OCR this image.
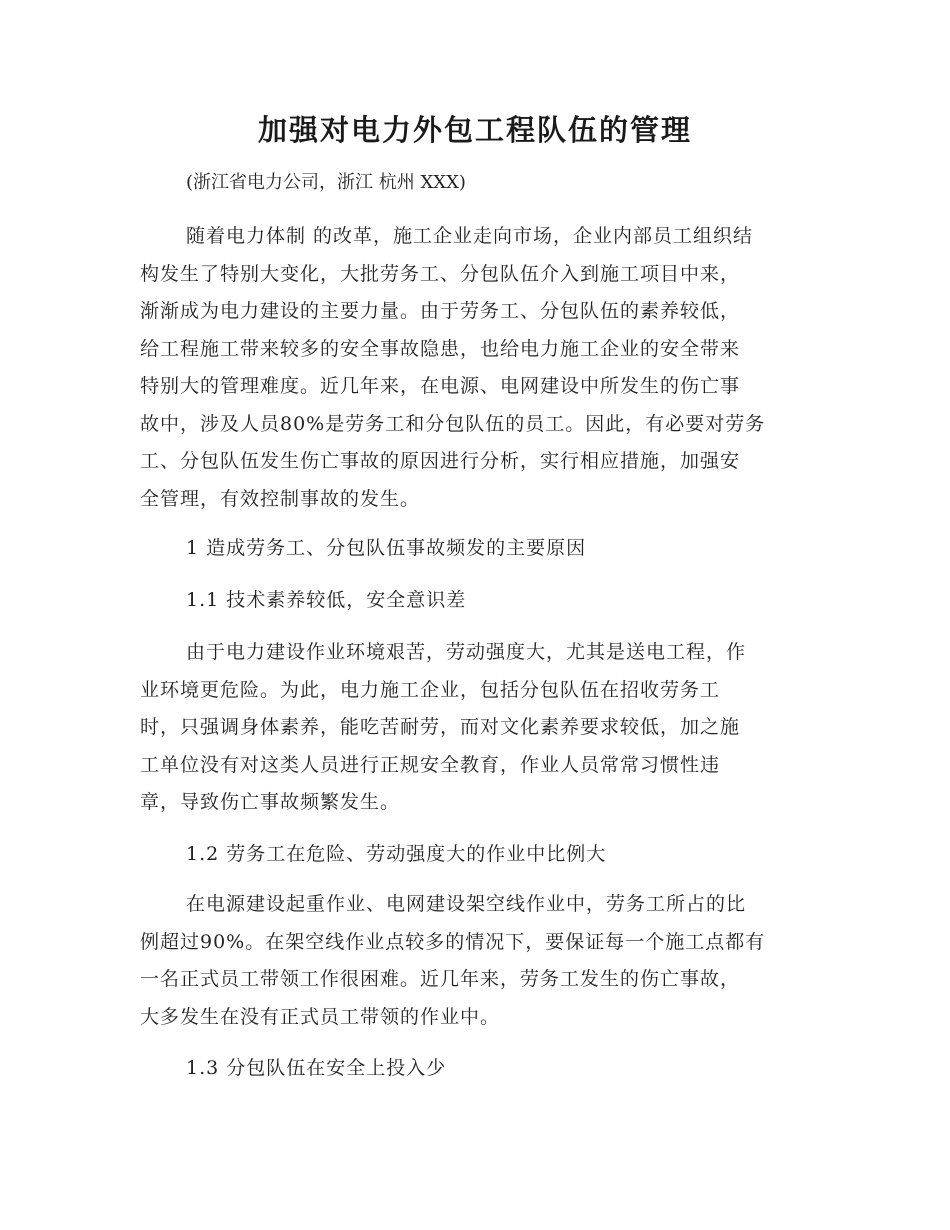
加强对电力外包工程队伍的管理
(浙江省电力公司，浙江 杭州 XXX)
随着电力体制 的改革，施工企业走向市场，企业内部员工组织结
构发生了特别大变化，大批劳务工、分包队伍介入到施工项目中来，
渐渐成为电力建设的主要力量。由于劳务工、分包队伍的素养较低，
给工程施工带来较多的安全事故隐患，也给电力施工企业的安全带来
特别大的管理难度。近几年来，在电源、电网建设中所发生的伤亡事
故中，涉及人员80%是劳务工和分包队伍的员工。因此，有必要对劳务
工、分包队伍发生伤亡事故的原因进行分析，实行相应措施，加强安
全管理，有效控制事故的发生。
1 造成劳务工、分包队伍事故频发的主要原因
1.1 技术素养较低，安全意识差
由于电力建设作业环境艰苦，劳动强度大，尤其是送电工程，作
业环境更危险。为此，电力施工企业，包括分包队伍在招收劳务工
时，只强调身体素养，能吃苦耐劳，而对文化素养要求较低，加之施
工单位没有对这类人员进行正规安全教育，作业人员常常习惯性违
章，导致伤亡事故频繁发生。
1.2 劳务工在危险、劳动强度大的作业中比例大
在电源建设起重作业、电网建设架空线作业中，劳务工所占的比
例超过90%。在架空线作业点较多的情况下，要保证每一个施工点都有
一名正式员工带领工作很困难。近几年来，劳务工发生的伤亡事故，
大多发生在没有正式员工带领的作业中。
1.3 分包队伍在安全上投入少
